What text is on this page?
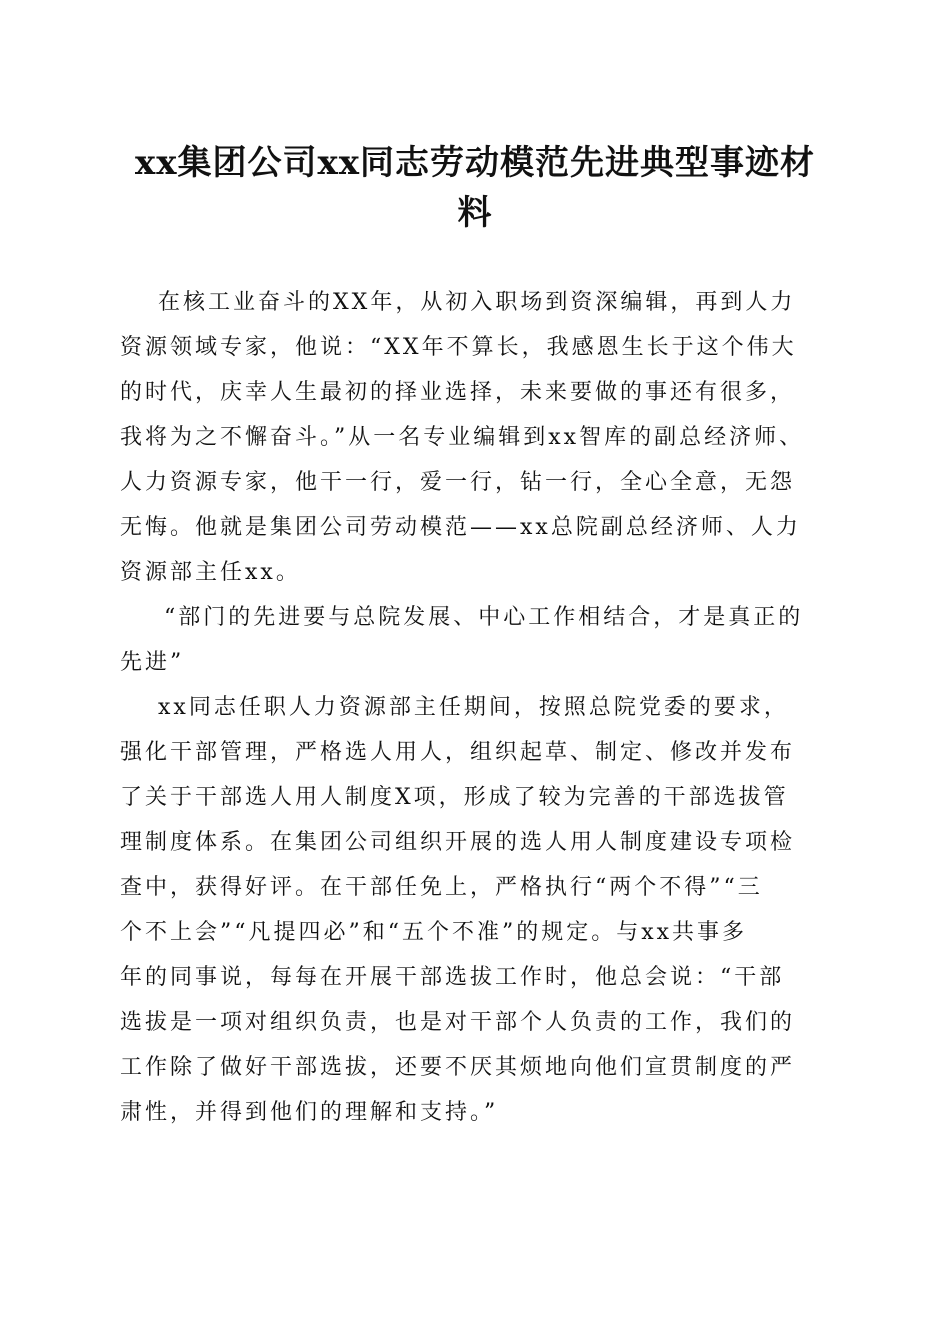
xx集团公司xx同志劳动模范先进典型事迹材
料
在核工业奋斗的XX年，从初入职场到资深编辑，再到人力
资源领域专家，他说：“XX年不算长，我感恩生长于这个伟大
的时代，庆幸人生最初的择业选择，未来要做的事还有很多，
我将为之不懈奋斗。”从一名专业编辑到xx智库的副总经济师、
人力资源专家，他干一行，爱一行，钻一行，全心全意，无怨
无悔。他就是集团公司劳动模范——xx总院副总经济师、人力
资源部主任xx。
“部门的先进要与总院发展、中心工作相结合，才是真正的
先进”
xx同志任职人力资源部主任期间，按照总院党委的要求，
强化干部管理，严格选人用人，组织起草、制定、修改并发布
了关于干部选人用人制度X项，形成了较为完善的干部选拔管
理制度体系。在集团公司组织开展的选人用人制度建设专项检
查中，获得好评。在干部任免上，严格执行“两个不得”“三
个不上会”“凡提四必”和“五个不准”的规定。与xx共事多
年的同事说，每每在开展干部选拔工作时，他总会说：“干部
选拔是一项对组织负责，也是对干部个人负责的工作，我们的
工作除了做好干部选拔，还要不厌其烦地向他们宣贯制度的严
肃性，并得到他们的理解和支持。”
